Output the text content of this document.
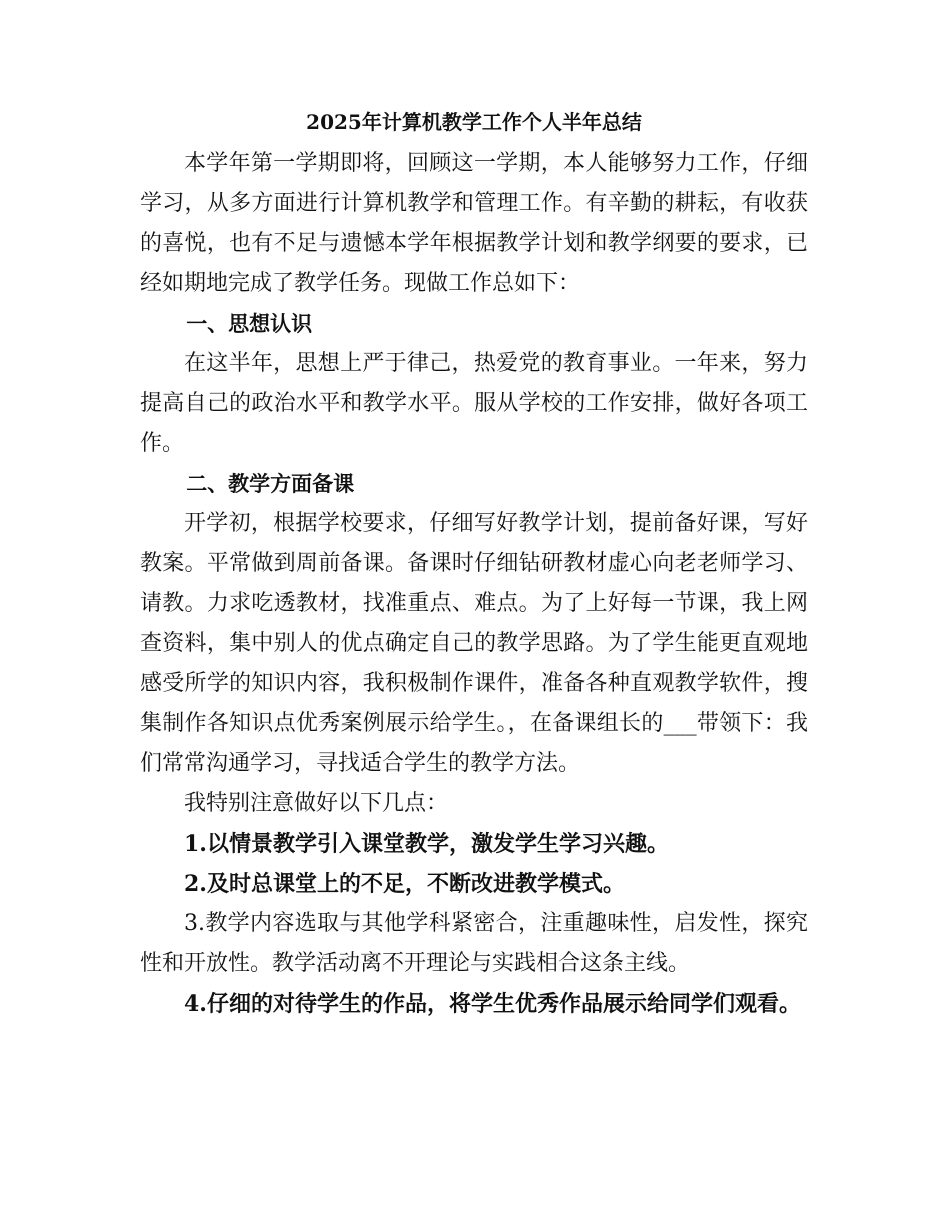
2025年计算机教学工作个人半年总结

本学年第一学期即将，回顾这一学期，本人能够努力工作，仔细学习，从多方面进行计算机教学和管理工作。有辛勤的耕耘，有收获的喜悦，也有不足与遗憾本学年根据教学计划和教学纲要的要求，已经如期地完成了教学任务。现做工作总如下：

一、思想认识

在这半年，思想上严于律己，热爱党的教育事业。一年来，努力提高自己的政治水平和教学水平。服从学校的工作安排，做好各项工作。

二、教学方面备课

开学初，根据学校要求，仔细写好教学计划，提前备好课，写好教案。平常做到周前备课。备课时仔细钻研教材虚心向老老师学习、请教。力求吃透教材，找准重点、难点。为了上好每一节课，我上网查资料，集中别人的优点确定自己的教学思路。为了学生能更直观地感受所学的知识内容，我积极制作课件，准备各种直观教学软件，搜集制作各知识点优秀案例展示给学生。，在备课组长的___带领下：我们常常沟通学习，寻找适合学生的教学方法。

我特别注意做好以下几点：

1.以情景教学引入课堂教学，激发学生学习兴趣。

2.及时总课堂上的不足，不断改进教学模式。

3.教学内容选取与其他学科紧密合，注重趣味性，启发性，探究性和开放性。教学活动离不开理论与实践相合这条主线。

4.仔细的对待学生的作品，将学生优秀作品展示给同学们观看。
